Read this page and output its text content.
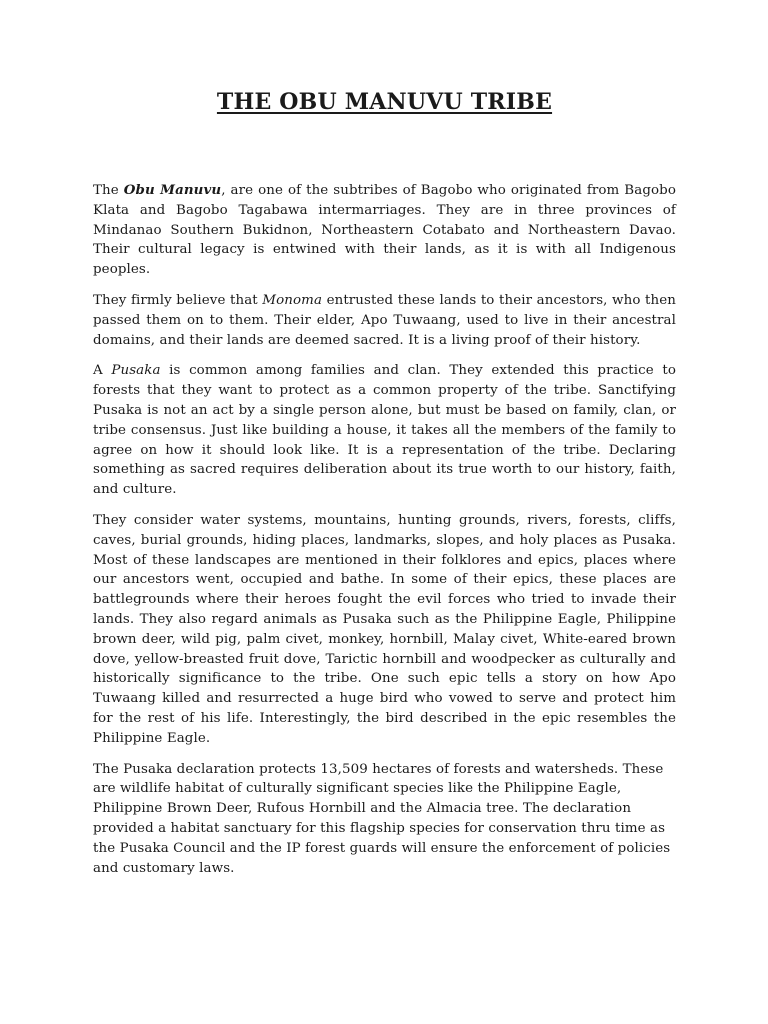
THE OBU MANUVU TRIBE

The Obu Manuvu, are one of the subtribes of Bagobo who originated from Bagobo Klata and Bagobo Tagabawa intermarriages. They are in three provinces of Mindanao Southern Bukidnon, Northeastern Cotabato and Northeastern Davao. Their cultural legacy is entwined with their lands, as it is with all Indigenous peoples.

They firmly believe that Monoma entrusted these lands to their ancestors, who then passed them on to them. Their elder, Apo Tuwaang, used to live in their ancestral domains, and their lands are deemed sacred. It is a living proof of their history.

A Pusaka is common among families and clan. They extended this practice to forests that they want to protect as a common property of the tribe. Sanctifying Pusaka is not an act by a single person alone, but must be based on family, clan, or tribe consensus. Just like building a house, it takes all the members of the family to agree on how it should look like. It is a representation of the tribe. Declaring something as sacred requires deliberation about its true worth to our history, faith, and culture.

They consider water systems, mountains, hunting grounds, rivers, forests, cliffs, caves, burial grounds, hiding places, landmarks, slopes, and holy places as Pusaka. Most of these landscapes are mentioned in their folklores and epics, places where our ancestors went, occupied and bathe. In some of their epics, these places are battlegrounds where their heroes fought the evil forces who tried to invade their lands. They also regard animals as Pusaka such as the Philippine Eagle, Philippine brown deer, wild pig, palm civet, monkey, hornbill, Malay civet, White-eared brown dove, yellow-breasted fruit dove, Tarictic hornbill and woodpecker as culturally and historically significance to the tribe. One such epic tells a story on how Apo Tuwaang killed and resurrected a huge bird who vowed to serve and protect him for the rest of his life. Interestingly, the bird described in the epic resembles the Philippine Eagle.

The Pusaka declaration protects 13,509 hectares of forests and watersheds. These are wildlife habitat of culturally significant species like the Philippine Eagle, Philippine Brown Deer, Rufous Hornbill and the Almacia tree. The declaration provided a habitat sanctuary for this flagship species for conservation thru time as the Pusaka Council and the IP forest guards will ensure the enforcement of policies and customary laws.
